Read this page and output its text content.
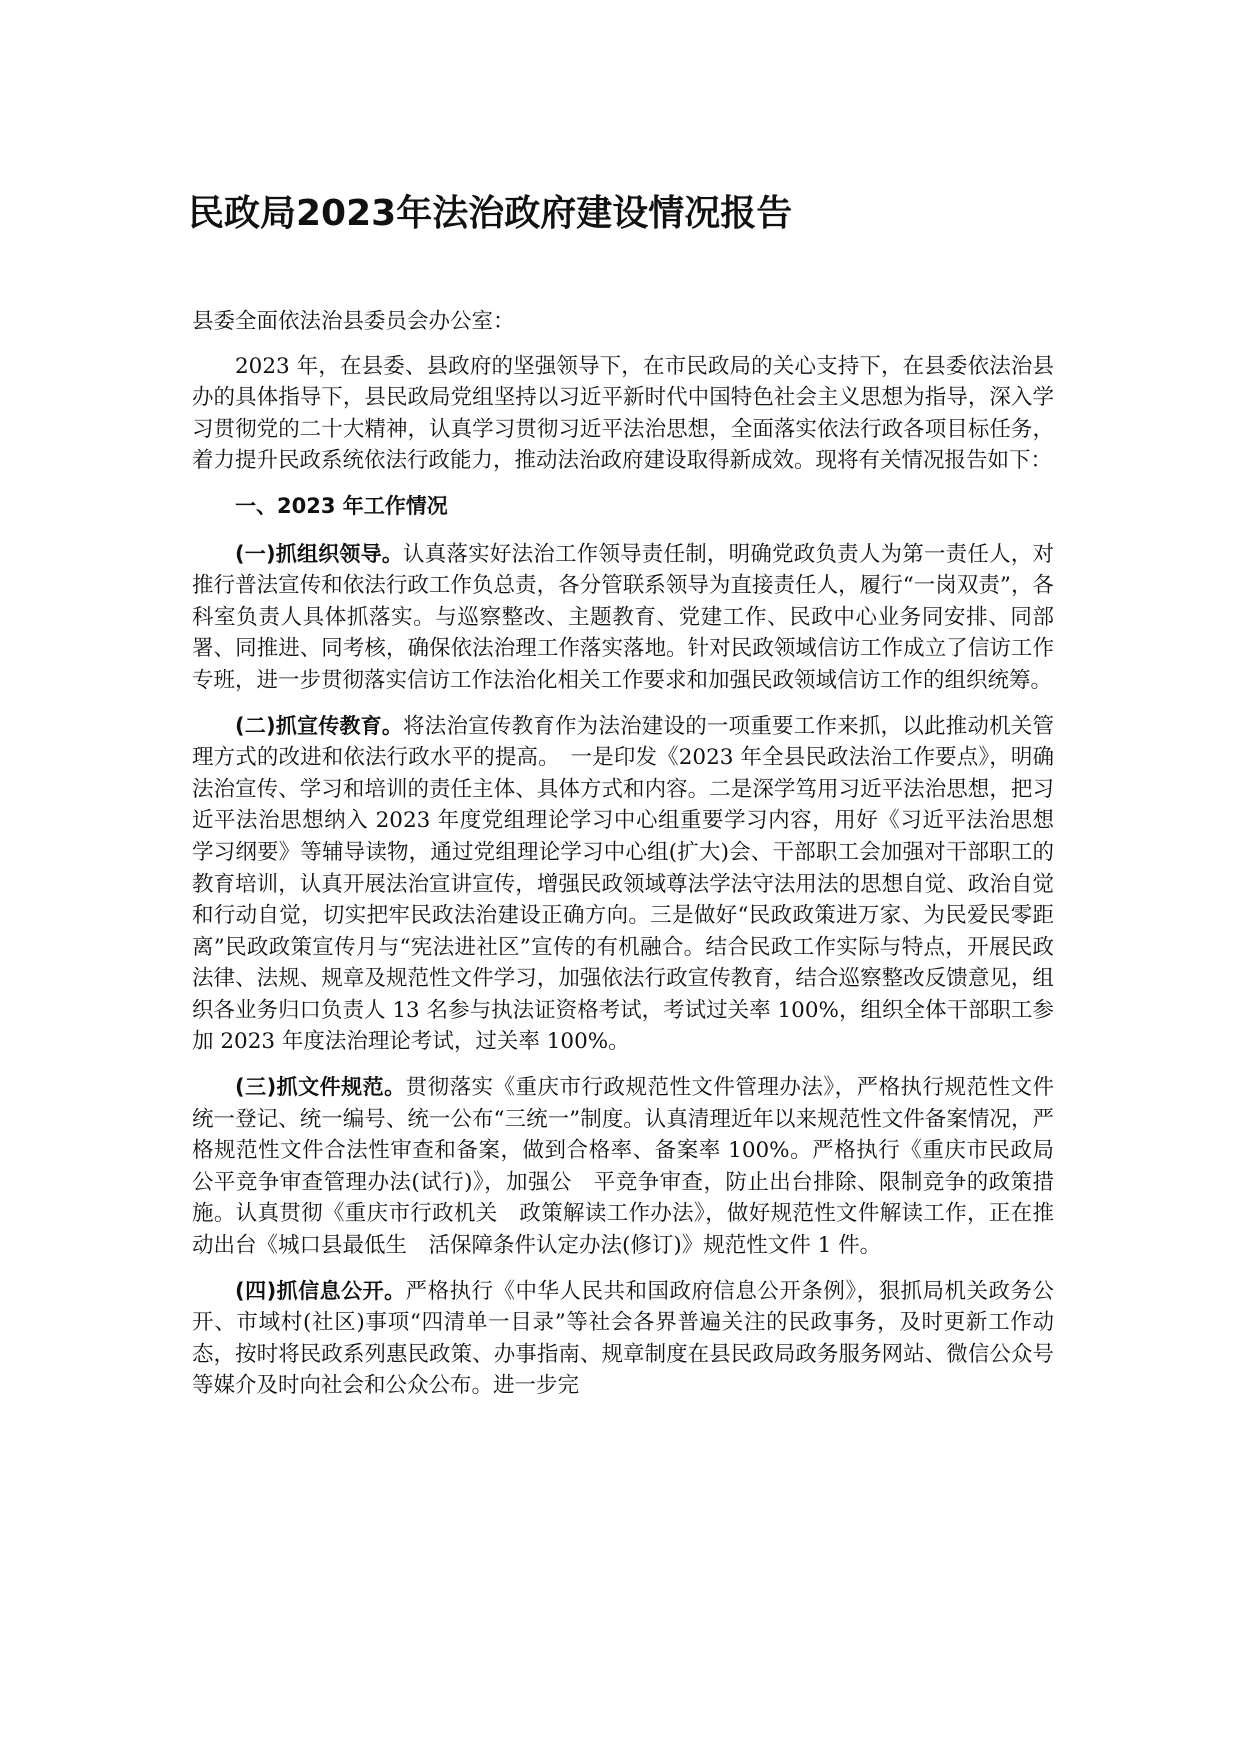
民政局2023年法治政府建设情况报告

县委全面依法治县委员会办公室：

2023 年，在县委、县政府的坚强领导下，在市民政局的关心支持下，在县委依法治县办的具体指导下，县民政局党组坚持以习近平新时代中国特色社会主义思想为指导，深入学习贯彻党的二十大精神，认真学习贯彻习近平法治思想，全面落实依法行政各项目标任务，着力提升民政系统依法行政能力，推动法治政府建设取得新成效。现将有关情况报告如下：

一、2023 年工作情况

(一)抓组织领导。认真落实好法治工作领导责任制，明确党政负责人为第一责任人，对推行普法宣传和依法行政工作负总责，各分管联系领导为直接责任人，履行“一岗双责”，各科室负责人具体抓落实。与巡察整改、主题教育、党建工作、民政中心业务同安排、同部署、同推进、同考核，确保依法治理工作落实落地。针对民政领域信访工作成立了信访工作专班，进一步贯彻落实信访工作法治化相关工作要求和加强民政领域信访工作的组织统筹。

(二)抓宣传教育。将法治宣传教育作为法治建设的一项重要工作来抓，以此推动机关管理方式的改进和依法行政水平的提高。　一是印发《2023 年全县民政法治工作要点》，明确法治宣传、学习和培训的责任主体、具体方式和内容。二是深学笃用习近平法治思想，把习近平法治思想纳入 2023 年度党组理论学习中心组重要学习内容，用好《习近平法治思想学习纲要》等辅导读物，通过党组理论学习中心组(扩大)会、干部职工会加强对干部职工的教育培训，认真开展法治宣讲宣传，增强民政领域尊法学法守法用法的思想自觉、政治自觉和行动自觉，切实把牢民政法治建设正确方向。三是做好“民政政策进万家、为民爱民零距离”民政政策宣传月与“宪法进社区”宣传的有机融合。结合民政工作实际与特点，开展民政法律、法规、规章及规范性文件学习，加强依法行政宣传教育，结合巡察整改反馈意见，组织各业务归口负责人 13 名参与执法证资格考试，考试过关率 100%，组织全体干部职工参加 2023 年度法治理论考试，过关率 100%。

(三)抓文件规范。贯彻落实《重庆市行政规范性文件管理办法》，严格执行规范性文件统一登记、统一编号、统一公布“三统一”制度。认真清理近年以来规范性文件备案情况，严格规范性文件合法性审查和备案，做到合格率、备案率 100%。严格执行《重庆市民政局公平竞争审查管理办法(试行)》，加强公　平竞争审查，防止出台排除、限制竞争的政策措施。认真贯彻《重庆市行政机关　政策解读工作办法》，做好规范性文件解读工作，正在推动出台《城口县最低生　活保障条件认定办法(修订)》规范性文件 1 件。

(四)抓信息公开。严格执行《中华人民共和国政府信息公开条例》，狠抓局机关政务公开、市域村(社区)事项“四清单一目录”等社会各界普遍关注的民政事务，及时更新工作动态，按时将民政系列惠民政策、办事指南、规章制度在县民政局政务服务网站、微信公众号等媒介及时向社会和公众公布。进一步完
